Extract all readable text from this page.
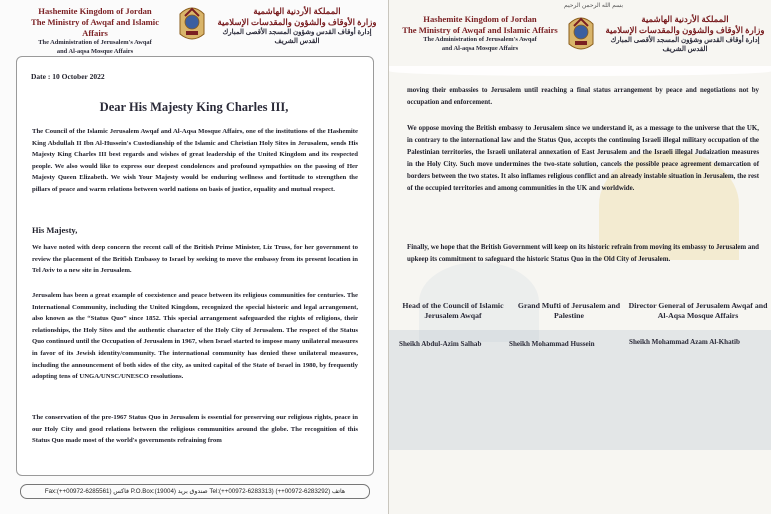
Hashemite Kingdom of Jordan
The Ministry of Awqaf and Islamic Affairs
The Administration of Jerusalem's Awqaf
and Al-aqsa Mosque Affairs
المملكة الأردنية الهاشمية
وزارة الأوقاف والشؤون والمقدسات الإسلامية
إدارة أوقاف القدس وشؤون المسجد الأقصى المبارك
القدس الشريف
Date : 10 October 2022
Dear His Majesty King Charles III,
The Council of the Islamic Jerusalem Awqaf and Al-Aqsa Mosque Affairs, one of the institutions of the Hashemite King Abdullah II Ibn Al-Hussein's Custodianship of the Islamic and Christian Holy Sites in Jerusalem, sends His Majesty King Charles III best regards and wishes of great leadership of the United Kingdom and its respected people. We also would like to express our deepest condolences and profound sympathies on the passing of Her Majesty Queen Elizabeth. We wish Your Majesty would be enduring wellness and fortitude to strengthen the pillars of peace and warm relations between world nations on basis of justice, equality and mutual respect.
His Majesty,
We have noted with deep concern the recent call of the British Prime Minister, Liz Truss, for her government to review the placement of the British Embassy to Israel by seeking to move the embassy from its present location in Tel Aviv to a new site in Jerusalem.
Jerusalem has been a great example of coexistence and peace between its religious communities for centuries. The International Community, including the United Kingdom, recognized the special historic and legal arrangement, also known as the “Status Quo” since 1852. This special arrangement safeguarded the rights of religions, their relationships, the Holy Sites and the authentic character of the Holy City of Jerusalem. The respect of the Status Quo continued until the Occupation of Jerusalem in 1967, when Israel started to impose many unilateral measures in favor of its Jewish identity/community. The international community has denied these unilateral measures, including the announcement of both sides of the city, as united capital of the State of Israel in 1980, by frequently adopting tens of UNGA/UNSC/UNESCO resolutions.
The conservation of the pre-1967 Status Quo in Jerusalem is essential for preserving our religious rights, peace in our Holy City and good relations between the religious communities around the globe. The recognition of this Status Quo made most of the world's governments refraining from
Fax:(++00972-6285561) فاكس P.O.Box:(19004) صندوق بريد Tel:(++00972-6283313) (++00972-6283292) هاتف
بسم الله الرحمن الرحيم
Hashemite Kingdom of Jordan
The Ministry of Awqaf and Islamic Affairs
The Administration of Jerusalem's Awqaf
and Al-aqsa Mosque Affairs
المملكة الأردنية الهاشمية
وزارة الأوقاف والشؤون والمقدسات الإسلامية
إدارة أوقاف القدس وشؤون المسجد الأقصى المبارك
القدس الشريف
moving their embassies to Jerusalem until reaching a final status arrangement by peace and negotiations not by occupation and enforcement.
We oppose moving the British embassy to Jerusalem since we understand it, as a message to the universe that the UK, in contrary to the international law and the Status Quo, accepts the continuing Israeli illegal military occupation of the Palestinian territories, the Israeli unilateral annexation of East Jerusalem and the Israeli illegal Judaization measures in the Holy City. Such move undermines the two-state solution, cancels the possible peace agreement demarcation of borders between the two states. It also inflames religious conflict and an already instable situation in Jerusalem, the rest of the occupied territories and among communities in the UK and worldwide.
Finally, we hope that the British Government will keep on its historic refrain from moving its embassy to Jerusalem and upkeep its commitment to safeguard the historic Status Quo in the Old City of Jerusalem.
Head of the Council of Islamic Jerusalem Awqaf
Grand Mufti of Jerusalem and Palestine
Director General of Jerusalem Awqaf and Al-Aqsa Mosque Affairs
Sheikh Abdul-Azim Salhab	Sheikh Mohammad Hussein	Sheikh Mohammad Azam Al-Khatib
